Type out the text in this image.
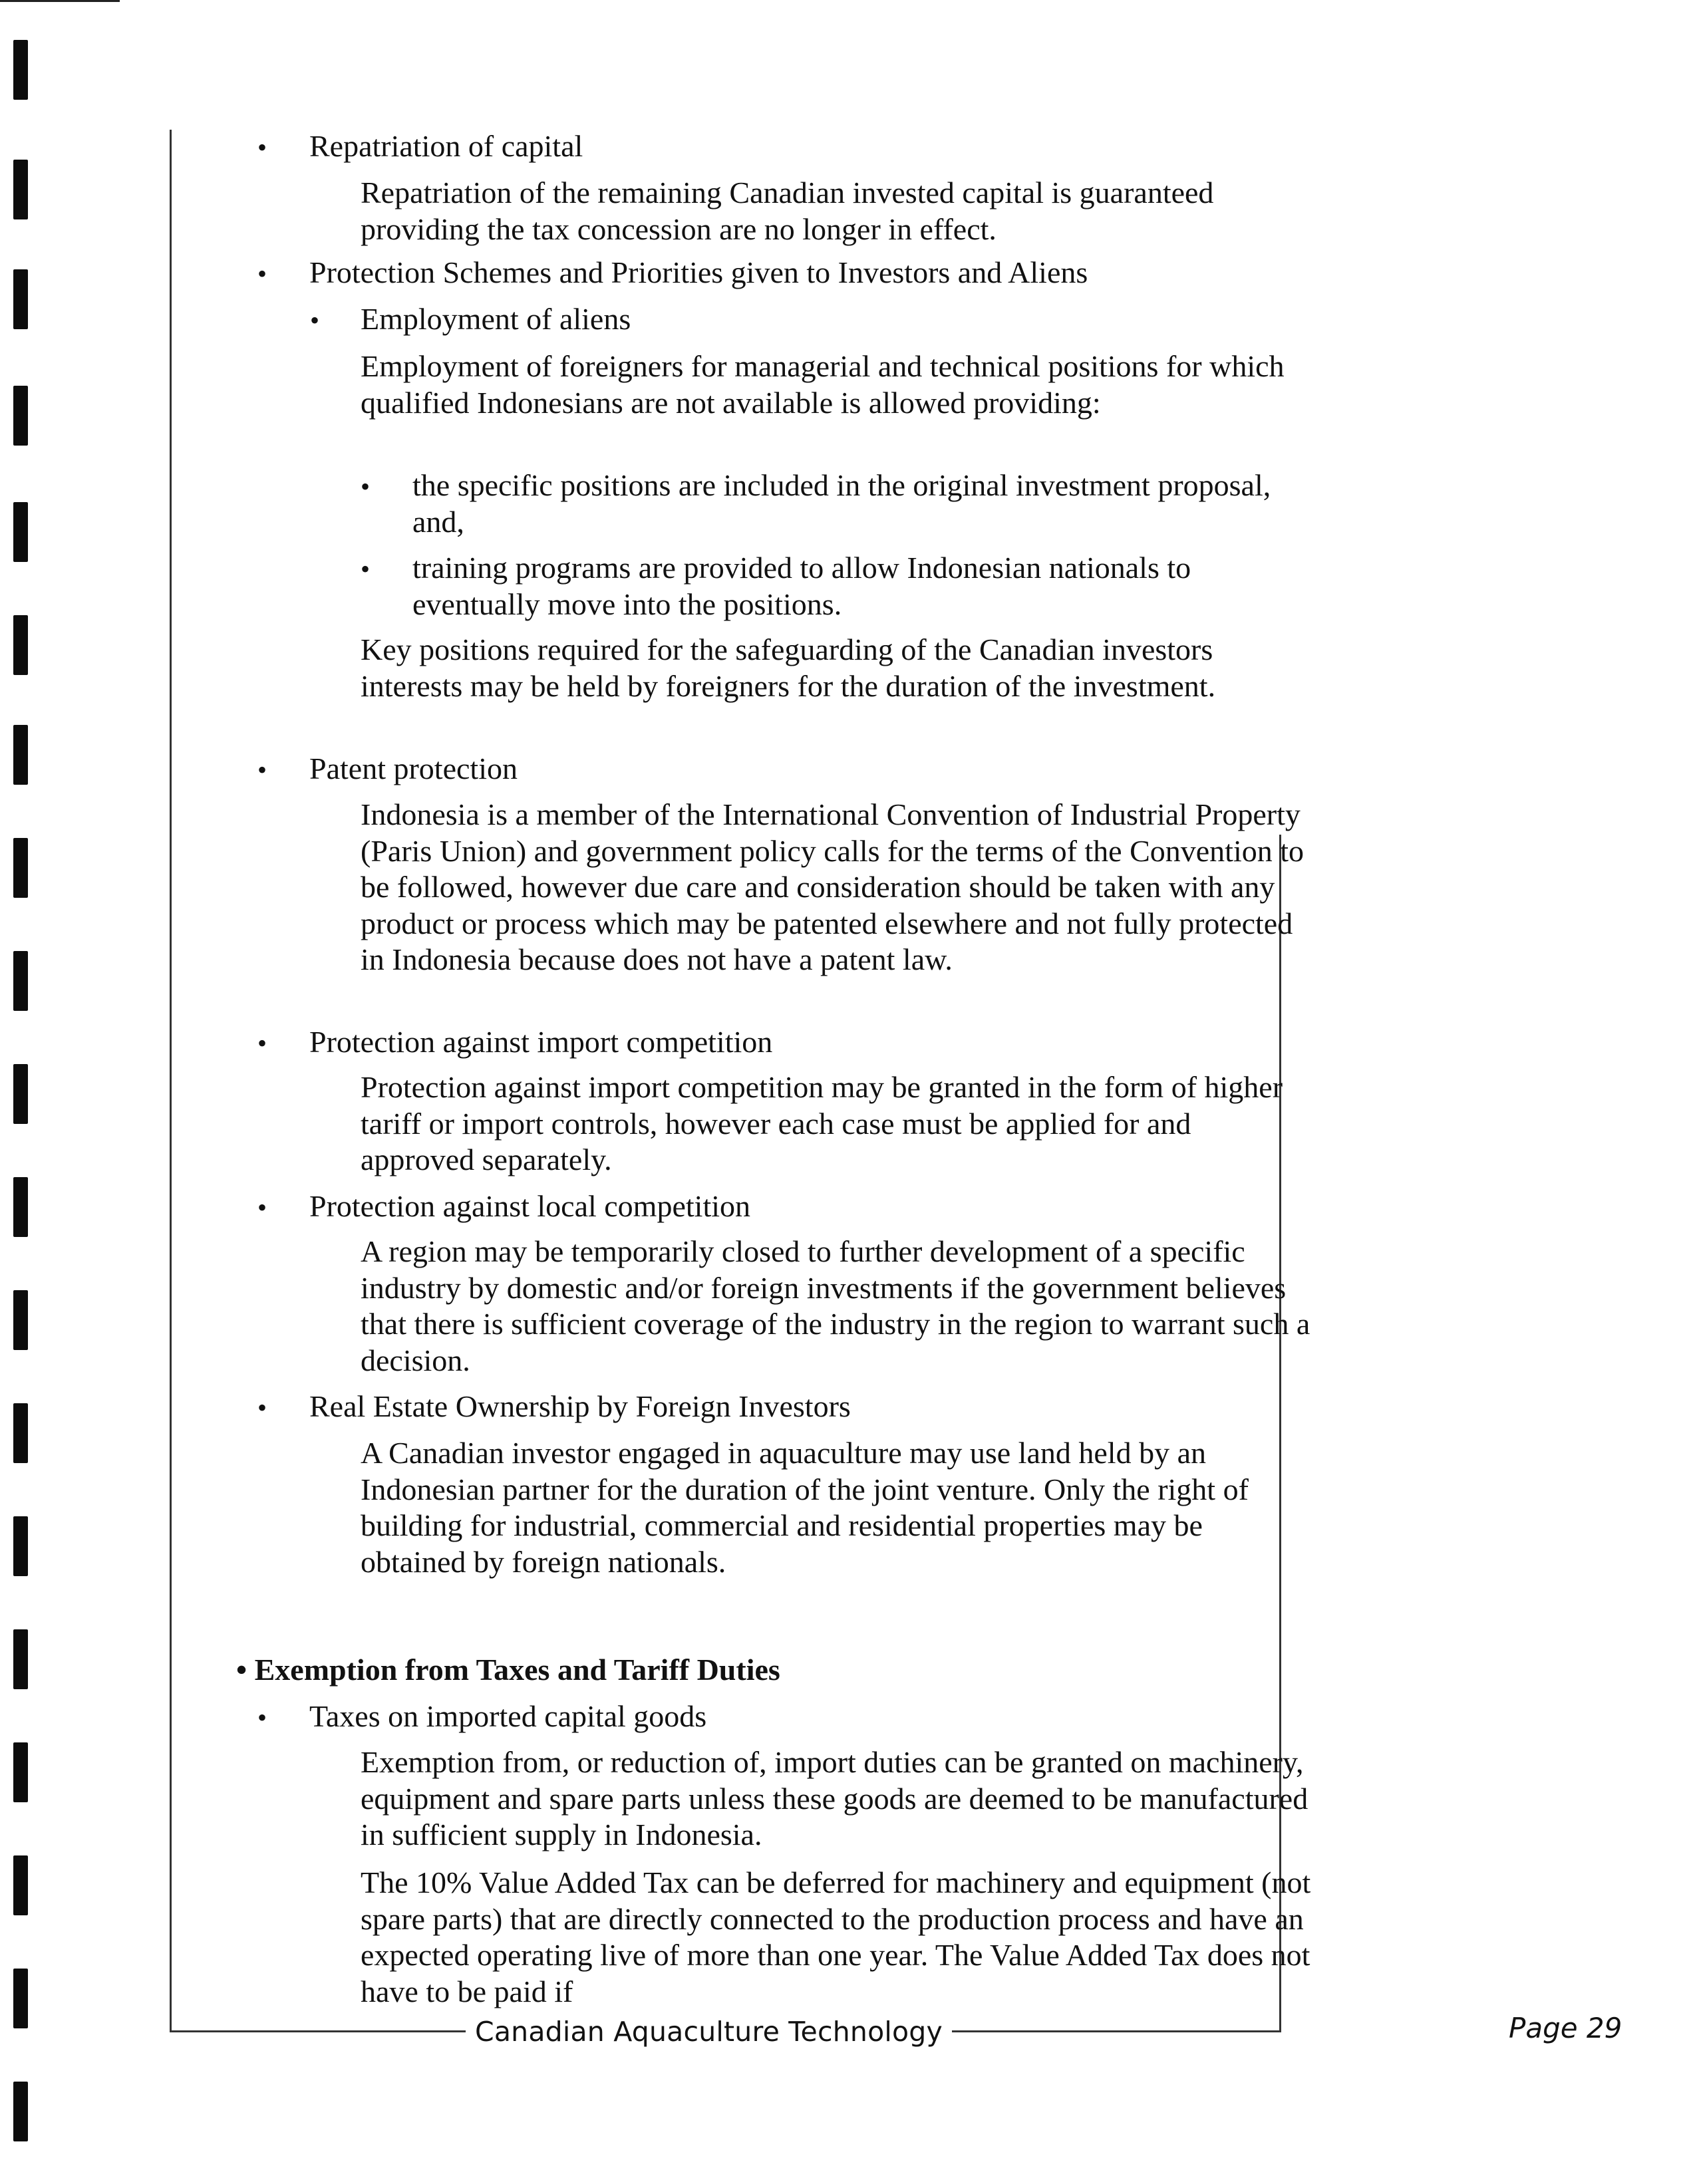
• Repatriation of capital
Repatriation of the remaining Canadian invested capital is guaranteed providing the tax concession are no longer in effect.
• Protection Schemes and Priorities given to Investors and Aliens
• Employment of aliens
Employment of foreigners for managerial and technical positions for which qualified Indonesians are not available is allowed providing:
• the specific positions are included in the original investment proposal, and,
• training programs are provided to allow Indonesian nationals to eventually move into the positions.
Key positions required for the safeguarding of the Canadian investors interests may be held by foreigners for the duration of the investment.
• Patent protection
Indonesia is a member of the International Convention of Industrial Property (Paris Union) and government policy calls for the terms of the Convention to be followed, however due care and consideration should be taken with any product or process which may be patented elsewhere and not fully protected in Indonesia because does not have a patent law.
• Protection against import competition
Protection against import competition may be granted in the form of higher tariff or import controls, however each case must be applied for and approved separately.
• Protection against local competition
A region may be temporarily closed to further development of a specific industry by domestic and/or foreign investments if the government believes that there is sufficient coverage of the industry in the region to warrant such a decision.
• Real Estate Ownership by Foreign Investors
A Canadian investor engaged in aquaculture may use land held by an Indonesian partner for the duration of the joint venture. Only the right of building for industrial, commercial and residential properties may be obtained by foreign nationals.
• Exemption from Taxes and Tariff Duties
• Taxes on imported capital goods
Exemption from, or reduction of, import duties can be granted on machinery, equipment and spare parts unless these goods are deemed to be manufactured in sufficient supply in Indonesia.
The 10% Value Added Tax can be deferred for machinery and equipment (not spare parts) that are directly connected to the production process and have an expected operating live of more than one year. The Value Added Tax does not have to be paid if
Canadian Aquaculture Technology	Page 29
